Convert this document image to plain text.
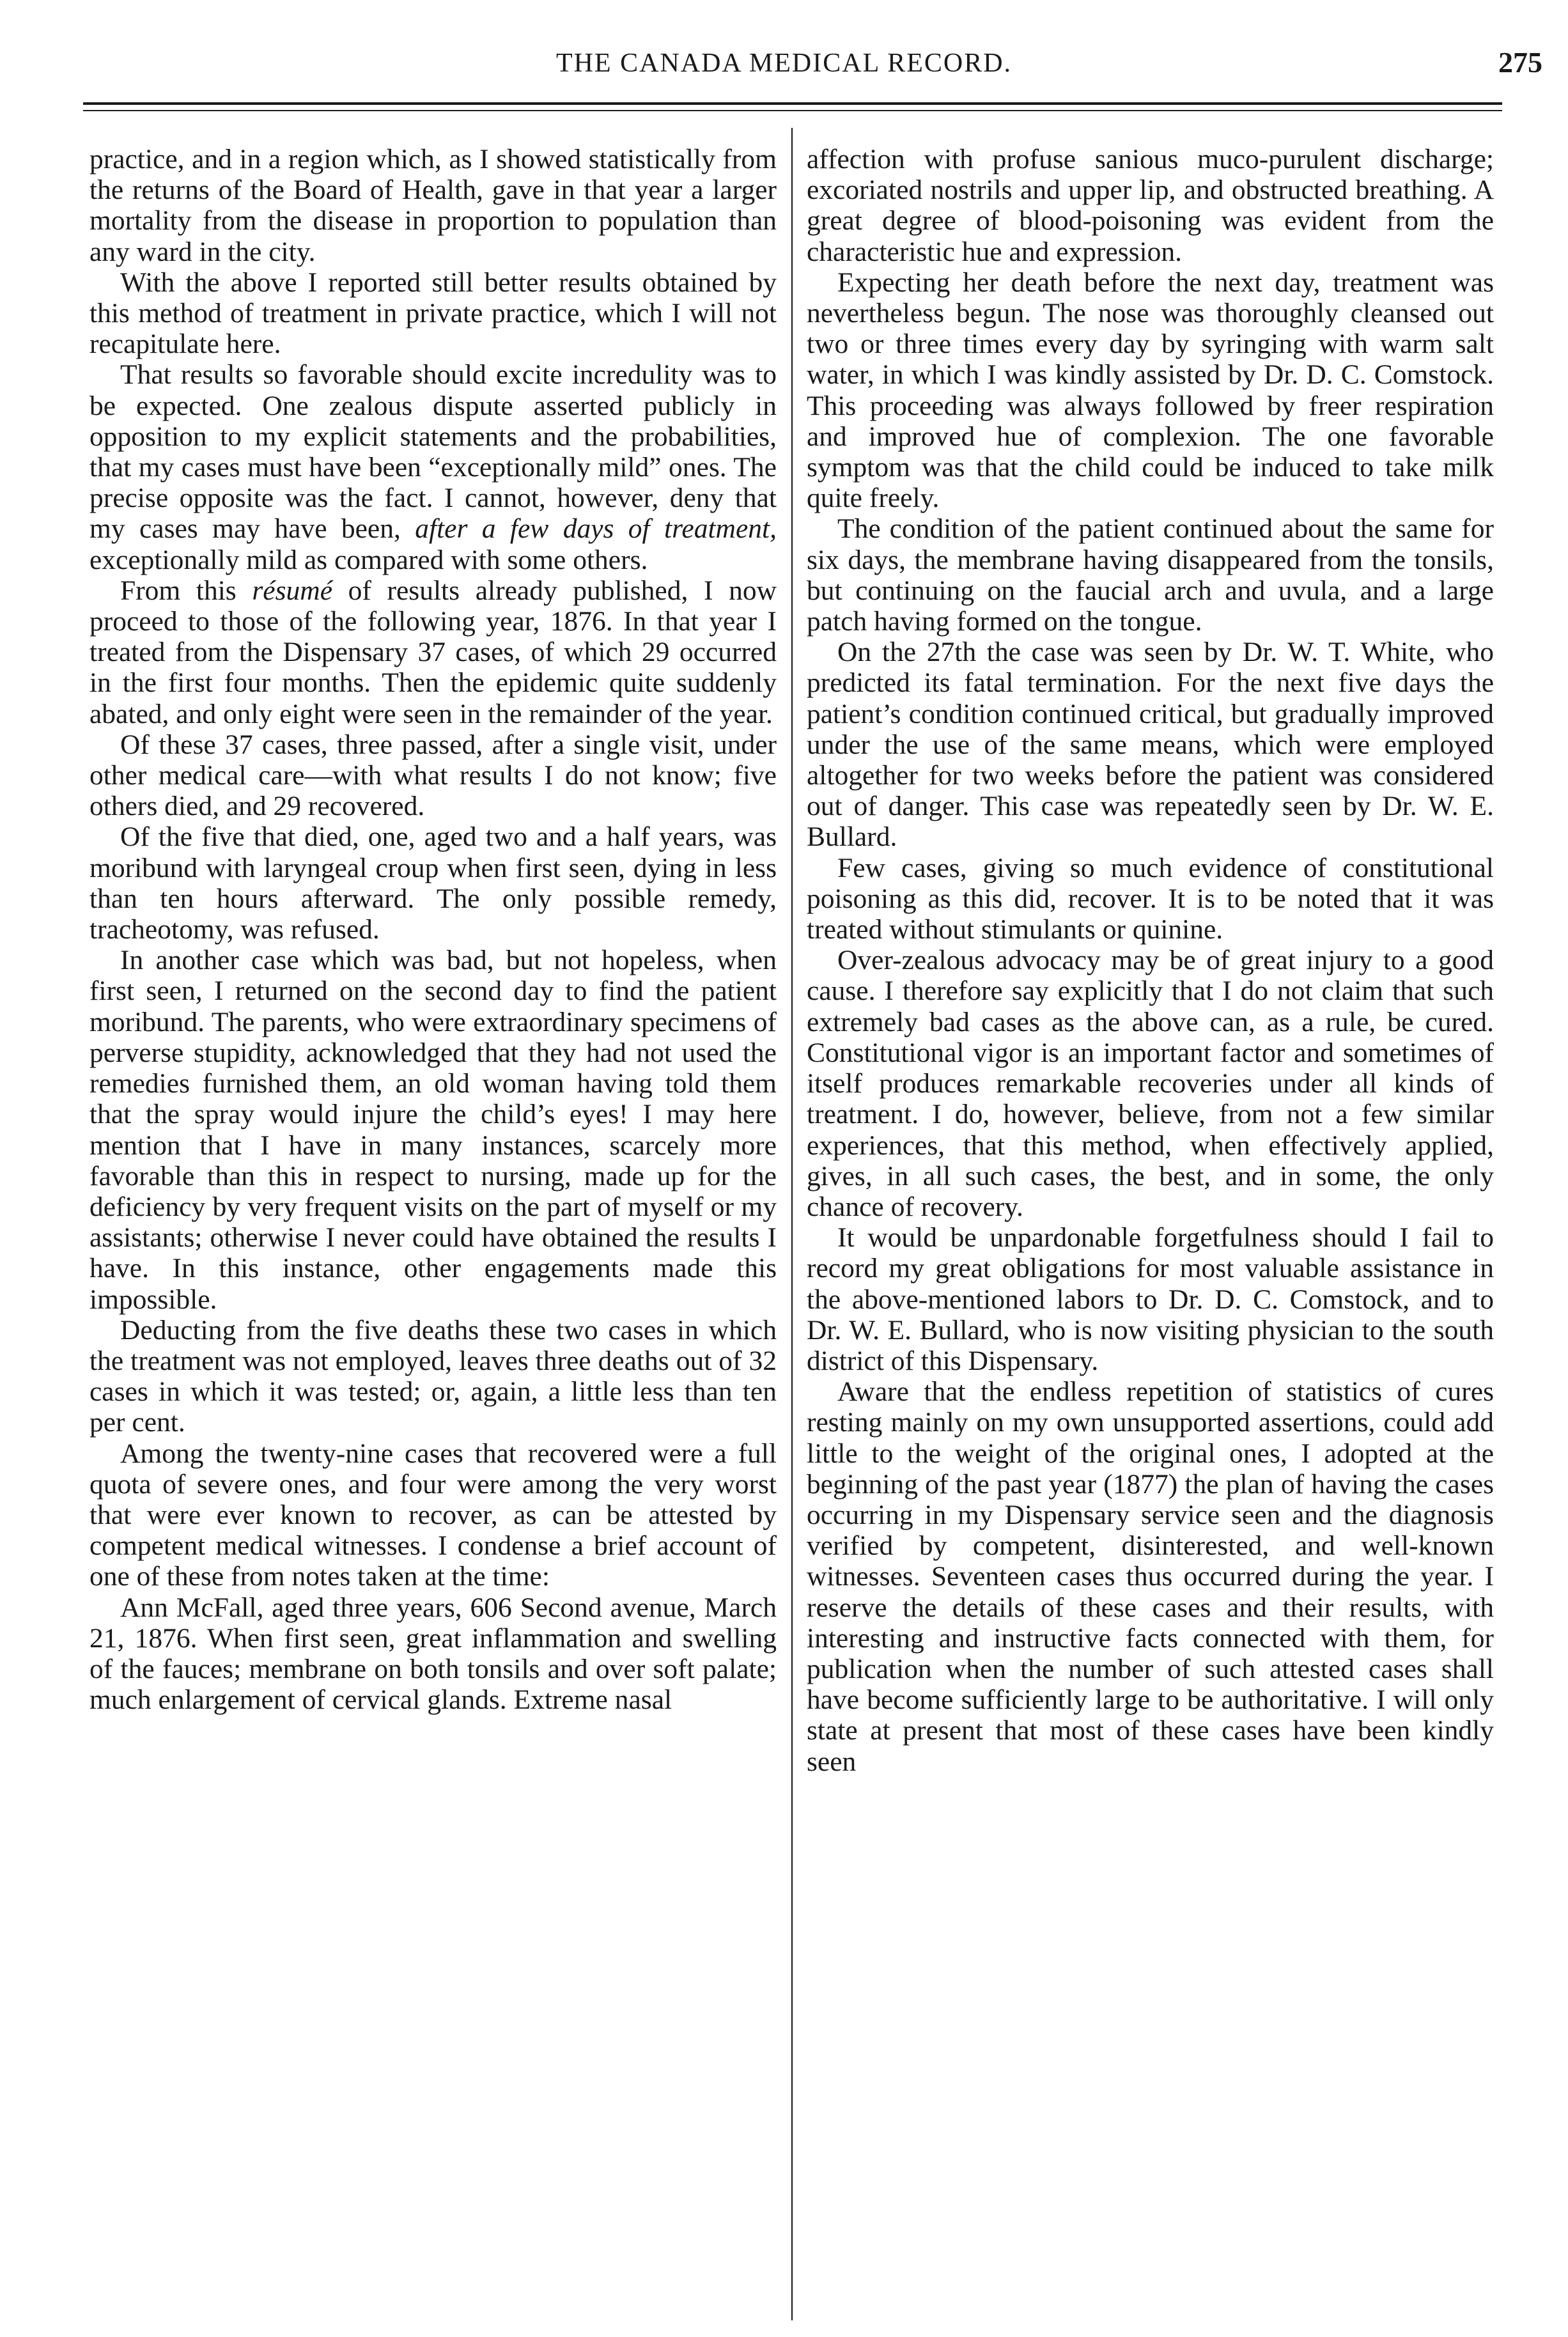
THE CANADA MEDICAL RECORD.	275

practice, and in a region which, as I showed statistically from the returns of the Board of Health, gave in that year a larger mortality from the disease in proportion to population than any ward in the city.

With the above I reported still better results obtained by this method of treatment in private practice, which I will not recapitulate here.

That results so favorable should excite incredulity was to be expected. One zealous dispute asserted publicly in opposition to my explicit statements and the probabilities, that my cases must have been “exceptionally mild” ones. The precise opposite was the fact. I cannot, however, deny that my cases may have been, after a few days of treatment, exceptionally mild as compared with some others.

From this résumé of results already published, I now proceed to those of the following year, 1876. In that year I treated from the Dispensary 37 cases, of which 29 occurred in the first four months. Then the epidemic quite suddenly abated, and only eight were seen in the remainder of the year.

Of these 37 cases, three passed, after a single visit, under other medical care—with what results I do not know; five others died, and 29 recovered.

Of the five that died, one, aged two and a half years, was moribund with laryngeal croup when first seen, dying in less than ten hours afterward. The only possible remedy, tracheotomy, was refused.

In another case which was bad, but not hopeless, when first seen, I returned on the second day to find the patient moribund. The parents, who were extraordinary specimens of perverse stupidity, acknowledged that they had not used the remedies furnished them, an old woman having told them that the spray would injure the child’s eyes! I may here mention that I have in many instances, scarcely more favorable than this in respect to nursing, made up for the deficiency by very frequent visits on the part of myself or my assistants; otherwise I never could have obtained the results I have. In this instance, other engagements made this impossible.

Deducting from the five deaths these two cases in which the treatment was not employed, leaves three deaths out of 32 cases in which it was tested; or, again, a little less than ten per cent.

Among the twenty-nine cases that recovered were a full quota of severe ones, and four were among the very worst that were ever known to recover, as can be attested by competent medical witnesses. I condense a brief account of one of these from notes taken at the time:

Ann McFall, aged three years, 606 Second avenue, March 21, 1876. When first seen, great inflammation and swelling of the fauces; membrane on both tonsils and over soft palate; much enlargement of cervical glands. Extreme nasal

affection with profuse sanious muco-purulent discharge; excoriated nostrils and upper lip, and obstructed breathing. A great degree of blood-poisoning was evident from the characteristic hue and expression.

Expecting her death before the next day, treatment was nevertheless begun. The nose was thoroughly cleansed out two or three times every day by syringing with warm salt water, in which I was kindly assisted by Dr. D. C. Comstock. This proceeding was always followed by freer respiration and improved hue of complexion. The one favorable symptom was that the child could be induced to take milk quite freely.

The condition of the patient continued about the same for six days, the membrane having disappeared from the tonsils, but continuing on the faucial arch and uvula, and a large patch having formed on the tongue.

On the 27th the case was seen by Dr. W. T. White, who predicted its fatal termination. For the next five days the patient’s condition continued critical, but gradually improved under the use of the same means, which were employed altogether for two weeks before the patient was considered out of danger. This case was repeatedly seen by Dr. W. E. Bullard.

Few cases, giving so much evidence of constitutional poisoning as this did, recover. It is to be noted that it was treated without stimulants or quinine.

Over-zealous advocacy may be of great injury to a good cause. I therefore say explicitly that I do not claim that such extremely bad cases as the above can, as a rule, be cured. Constitutional vigor is an important factor and sometimes of itself produces remarkable recoveries under all kinds of treatment. I do, however, believe, from not a few similar experiences, that this method, when effectively applied, gives, in all such cases, the best, and in some, the only chance of recovery.

It would be unpardonable forgetfulness should I fail to record my great obligations for most valuable assistance in the above-mentioned labors to Dr. D. C. Comstock, and to Dr. W. E. Bullard, who is now visiting physician to the south district of this Dispensary.

Aware that the endless repetition of statistics of cures resting mainly on my own unsupported assertions, could add little to the weight of the original ones, I adopted at the beginning of the past year (1877) the plan of having the cases occurring in my Dispensary service seen and the diagnosis verified by competent, disinterested, and well-known witnesses. Seventeen cases thus occurred during the year. I reserve the details of these cases and their results, with interesting and instructive facts connected with them, for publication when the number of such attested cases shall have become sufficiently large to be authoritative. I will only state at present that most of these cases have been kindly seen
